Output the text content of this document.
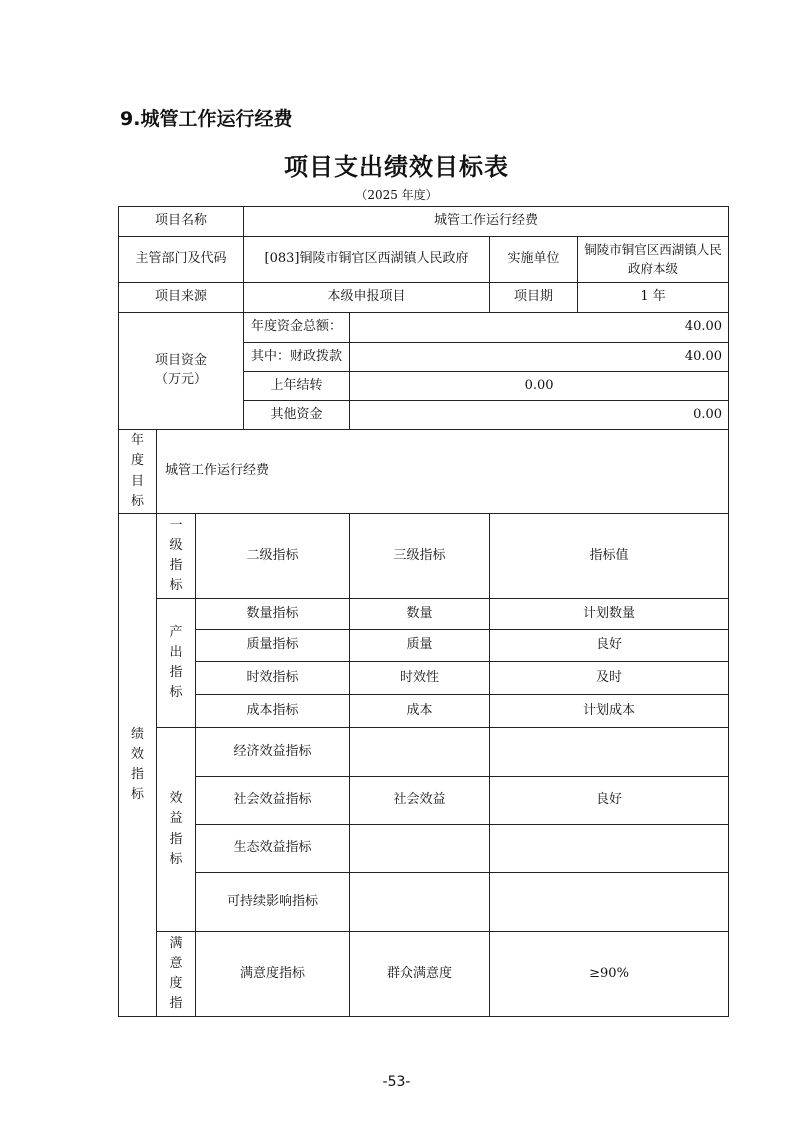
9.城管工作运行经费
项目支出绩效目标表
（2025 年度）
项目名称			城管工作运行经费			
主管部门及代码			[083]铜陵市铜官区西湖镇人民政府		实施单位	铜陵市铜官区西湖镇人民政府本级
项目来源			本级申报项目		项目期	1 年
项目资金
（万元）			年度资金总额：	40.00		
			其中：财政拨款	40.00		
			上年结转	0.00		
			其他资金	0.00		
年度目标	城管工作运行经费					
绩效指标	一级指标	二级指标		三级指标	指标值	
	产出指标	数量指标		数量	计划数量	
		质量指标		质量	良好	
		时效指标		时效性	及时	
		成本指标		成本	计划成本	
	效益指标	经济效益指标				
		社会效益指标		社会效益	良好	
		生态效益指标				
		可持续影响指标				
	满意度指	满意度指标		群众满意度	≥90%	
-53-
